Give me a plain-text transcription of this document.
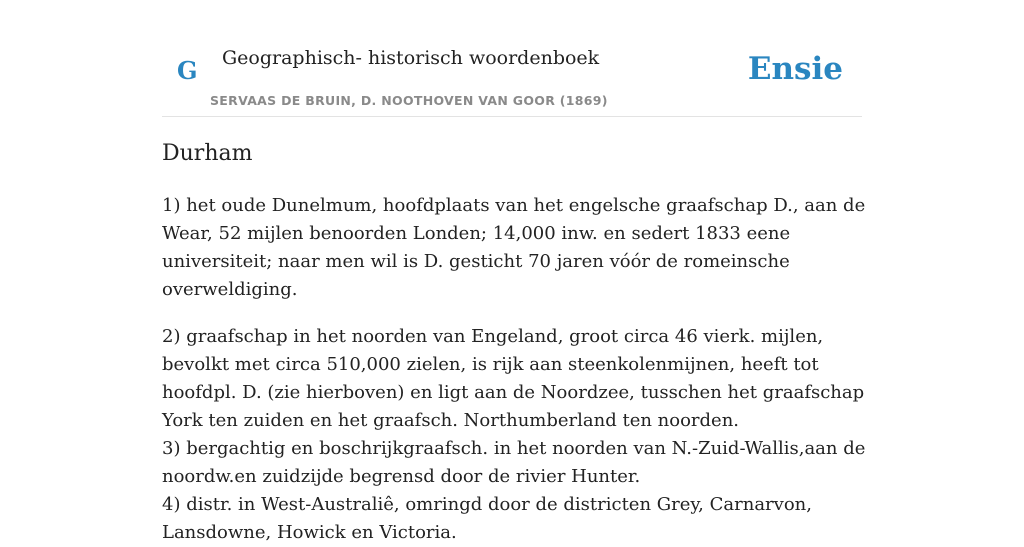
G Geographisch- historisch woordenboek
SERVAAS DE BRUIN, D. NOOTHOVEN VAN GOOR (1869)
Ensie
Durham

1) het oude Dunelmum, hoofdplaats van het engelsche graafschap D., aan de Wear, 52 mijlen benoorden Londen; 14,000 inw. en sedert 1833 eene universiteit; naar men wil is D. gesticht 70 jaren vóór de romeinsche overweldiging.

2) graafschap in het noorden van Engeland, groot circa 46 vierk. mijlen, bevolkt met circa 510,000 zielen, is rijk aan steenkolenmijnen, heeft tot hoofdpl. D. (zie hierboven) en ligt aan de Noordzee, tusschen het graafschap York ten zuiden en het graafsch. Northumberland ten noorden.

3) bergachtig en boschrijkgraafsch. in het noorden van N.-Zuid-Wallis,aan de noordw.en zuidzijde begrensd door de rivier Hunter.

4) distr. in West-Australiê, omringd door de districten Grey, Carnarvon, Lansdowne, Howick en Victoria.
